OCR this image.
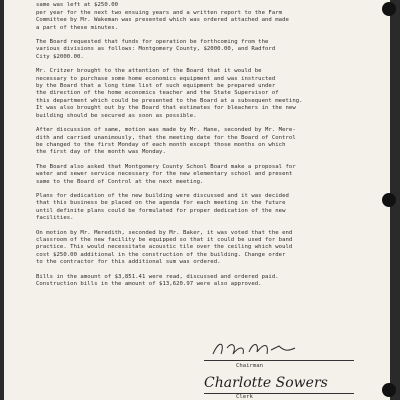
same was left at $250.00
per year for the next two ensuing years and a written report to the Farm
Committee by Mr. Wakeman was presented which was ordered attached and made
a part of these minutes.

The Board requested that funds for operation be forthcoming from the
various divisions as follows: Montgomery County, $2000.00, and Radford
City $2000.00.

Mr. Critzer brought to the attention of the Board that it would be
necessary to purchase some home economics equipment and was instructed
by the Board that a long time list of such equipment be prepared under
the direction of the home economics teacher and the State Supervisor of
this department which could be presented to the Board at a subsequent meeting.
It was also brought out by the Board that estimates for bleachers in the new
building should be secured as soon as possible.

After discussion of same, motion was made by Mr. Hane, seconded by Mr. Mere-
dith and carried unanimously, that the meeting date for the Board of Control
be changed to the first Monday of each month except those months on which
the first day of the month was Monday.

The Board also asked that Montgomery County School Board make a proposal for
water and sewer service necessary for the new elementary school and present
same to the Board of Control at the next meeting.

Plans for dedication of the new building were discussed and it was decided
that this business be placed on the agenda for each meeting in the future
until definite plans could be formulated for proper dedication of the new
facilities.

On motion by Mr. Meredith, seconded by Mr. Baker, it was voted that the end
classroom of the new facility be equipped so that it could be used for band
practice. This would necessitate acoustic tile over the ceiling which would
cost $250.00 additional in the construction of the building. Change order
to the contractor for this additional sum was ordered.

Bills in the amount of $3,851.41 were read, discussed and ordered paid.
Construction bills in the amount of $13,620.97 were also approved.

Chairman
Charlotte Sowers
Clerk
